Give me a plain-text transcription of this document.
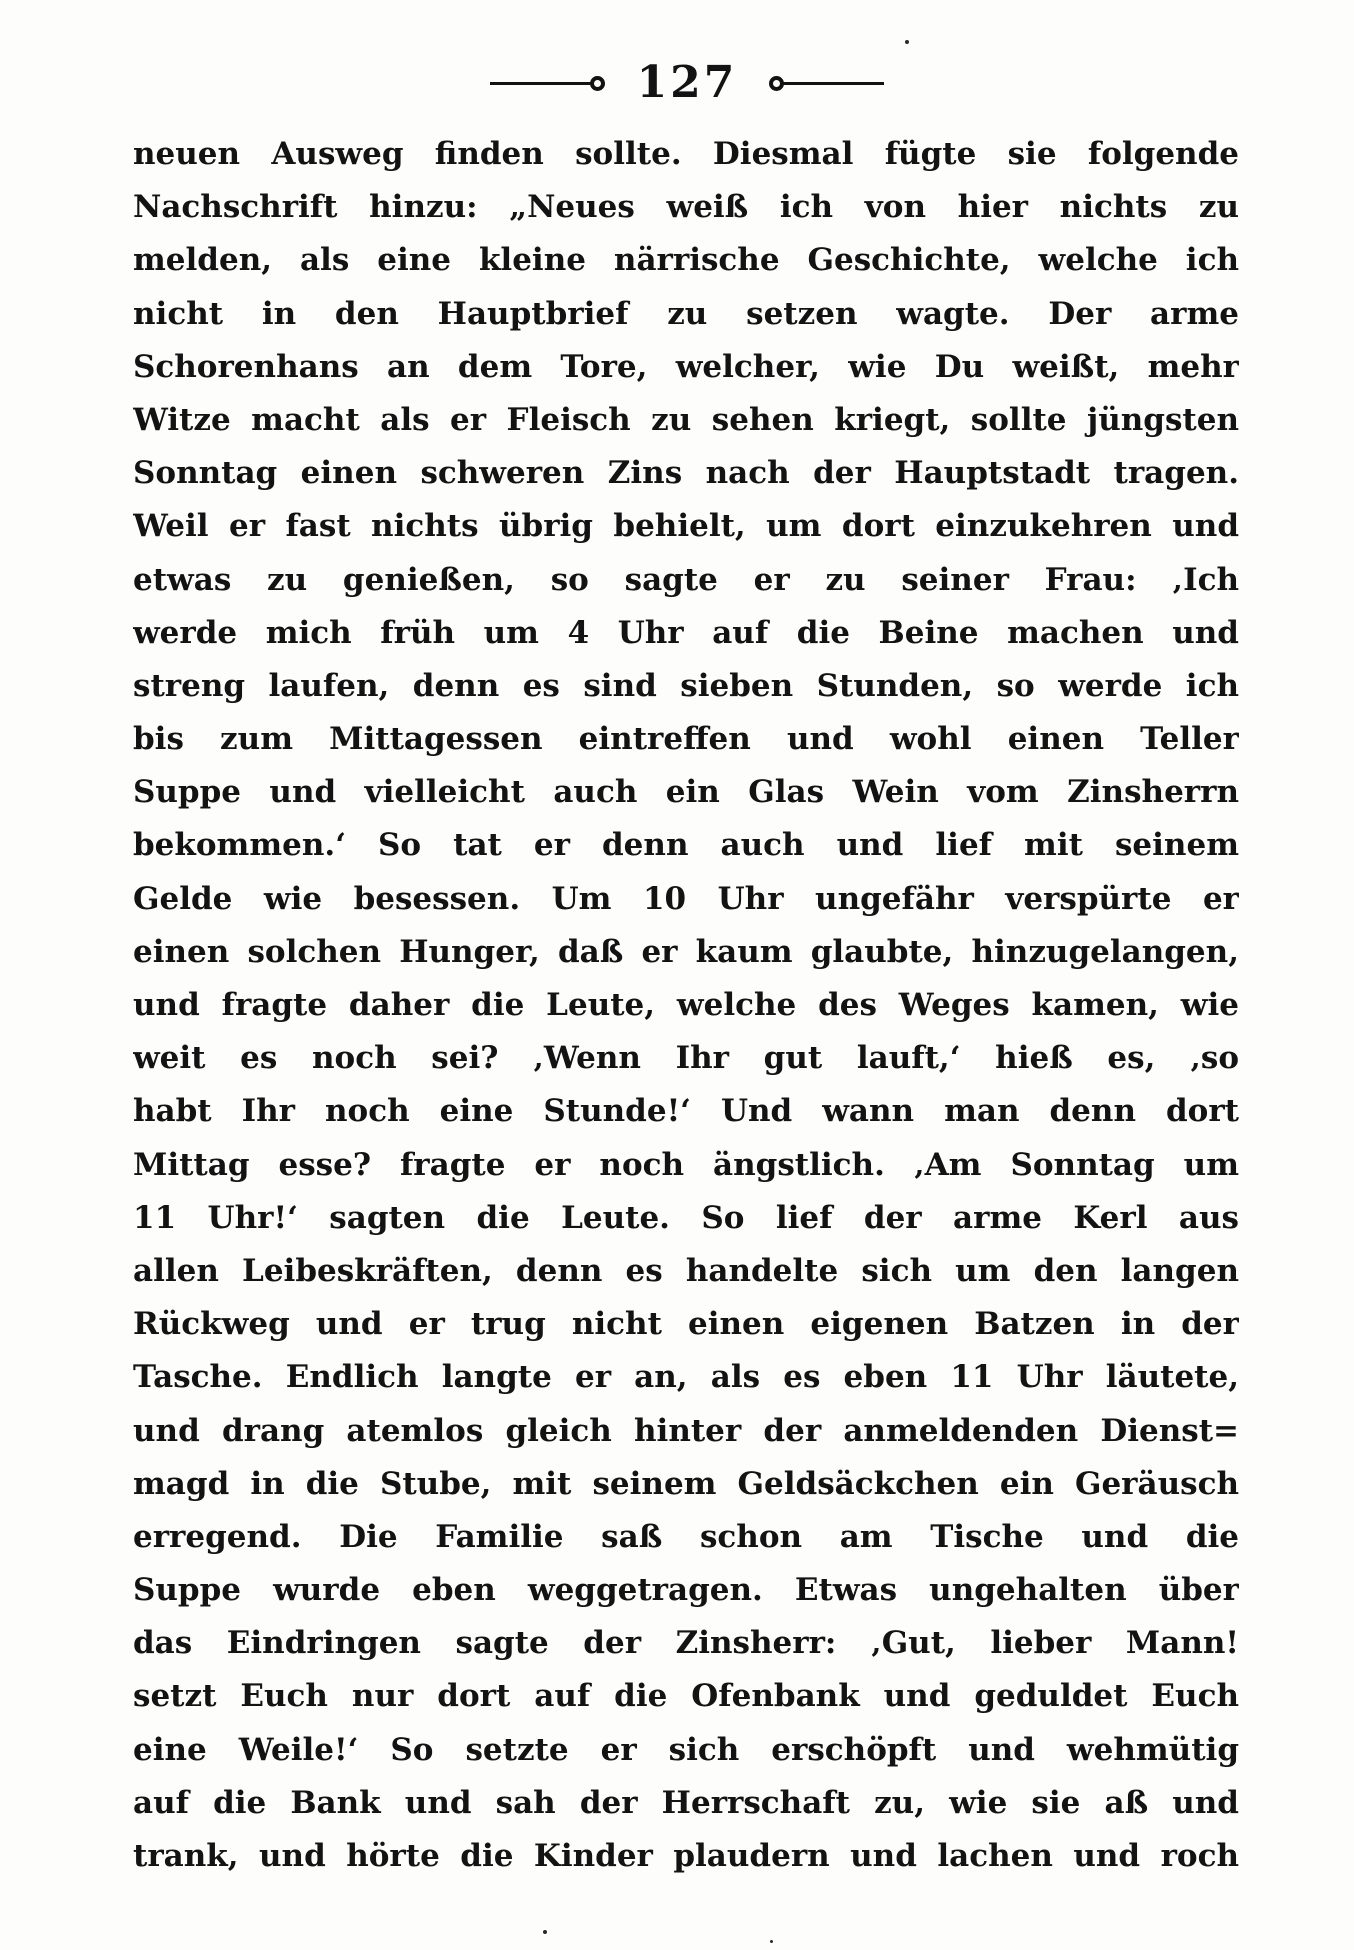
127
neuen Ausweg finden sollte. Diesmal fügte sie folgende
Nachschrift hinzu: „Neues weiß ich von hier nichts zu
melden, als eine kleine närrische Geschichte, welche ich
nicht in den Hauptbrief zu setzen wagte. Der arme
Schorenhans an dem Tore, welcher, wie Du weißt, mehr
Witze macht als er Fleisch zu sehen kriegt, sollte jüngsten
Sonntag einen schweren Zins nach der Hauptstadt tragen.
Weil er fast nichts übrig behielt, um dort einzukehren und
etwas zu genießen, so sagte er zu seiner Frau: ‚Ich
werde mich früh um 4 Uhr auf die Beine machen und
streng laufen, denn es sind sieben Stunden, so werde ich
bis zum Mittagessen eintreffen und wohl einen Teller
Suppe und vielleicht auch ein Glas Wein vom Zinsherrn
bekommen.‘ So tat er denn auch und lief mit seinem
Gelde wie besessen. Um 10 Uhr ungefähr verspürte er
einen solchen Hunger, daß er kaum glaubte, hinzugelangen,
und fragte daher die Leute, welche des Weges kamen, wie
weit es noch sei? ‚Wenn Ihr gut lauft,‘ hieß es, ‚so
habt Ihr noch eine Stunde!‘ Und wann man denn dort
Mittag esse? fragte er noch ängstlich. ‚Am Sonntag um
11 Uhr!‘ sagten die Leute. So lief der arme Kerl aus
allen Leibeskräften, denn es handelte sich um den langen
Rückweg und er trug nicht einen eigenen Batzen in der
Tasche. Endlich langte er an, als es eben 11 Uhr läutete,
und drang atemlos gleich hinter der anmeldenden Dienst=
magd in die Stube, mit seinem Geldsäckchen ein Geräusch
erregend. Die Familie saß schon am Tische und die
Suppe wurde eben weggetragen. Etwas ungehalten über
das Eindringen sagte der Zinsherr: ‚Gut, lieber Mann!
setzt Euch nur dort auf die Ofenbank und geduldet Euch
eine Weile!‘ So setzte er sich erschöpft und wehmütig
auf die Bank und sah der Herrschaft zu, wie sie aß und
trank, und hörte die Kinder plaudern und lachen und roch
